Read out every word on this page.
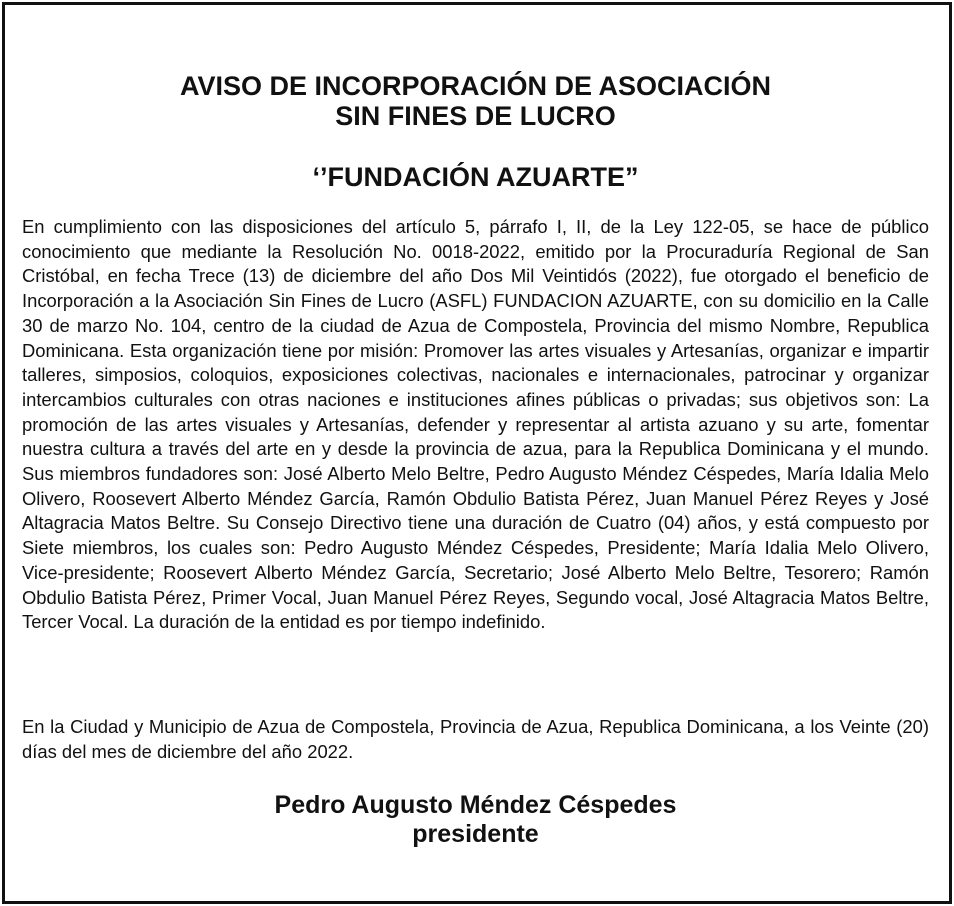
AVISO DE INCORPORACIÓN DE ASOCIACIÓN
SIN FINES DE LUCRO
‘’FUNDACIÓN AZUARTE”

En cumplimiento con las disposiciones del artículo 5, párrafo I, II, de la Ley 122-05, se hace de público conocimiento que mediante la Resolución No. 0018-2022, emitido por la Procuraduría Regional de San Cristóbal, en fecha Trece (13) de diciembre del año Dos Mil Veintidós (2022), fue otorgado el beneficio de Incorporación a la Asociación Sin Fines de Lucro (ASFL) FUNDACION AZUARTE, con su domicilio en la Calle 30 de marzo No. 104, centro de la ciudad de Azua de Compostela, Provincia del mismo Nombre, Republica Dominicana. Esta organización tiene por misión: Promover las artes visuales y Artesanías, organizar e impartir talleres, simposios, coloquios, exposiciones colectivas, nacionales e internacionales, patrocinar y organizar intercambios culturales con otras naciones e instituciones afines públicas o privadas; sus objetivos son: La promoción de las artes visuales y Artesanías, defender y representar al artista azuano y su arte, fomentar nuestra cultura a través del arte en y desde la provincia de azua, para la Republica Dominicana y el mundo. Sus miembros fundadores son: José Alberto Melo Beltre, Pedro Augusto Méndez Céspedes, María Idalia Melo Olivero, Roosevert Alberto Méndez García, Ramón Obdulio Batista Pérez, Juan Manuel Pérez Reyes y José Altagracia Matos Beltre. Su Consejo Directivo tiene una duración de Cuatro (04) años, y está compuesto por Siete miembros, los cuales son: Pedro Augusto Méndez Céspedes, Presidente; María Idalia Melo Olivero, Vice-presidente; Roosevert Alberto Méndez García, Secretario; José Alberto Melo Beltre, Tesorero; Ramón Obdulio Batista Pérez, Primer Vocal, Juan Manuel Pérez Reyes, Segundo vocal, José Altagracia Matos Beltre, Tercer Vocal. La duración de la entidad es por tiempo indefinido.

En la Ciudad y Municipio de Azua de Compostela, Provincia de Azua, Republica Dominicana, a los Veinte (20) días del mes de diciembre del año 2022.

Pedro Augusto Méndez Céspedes
presidente
